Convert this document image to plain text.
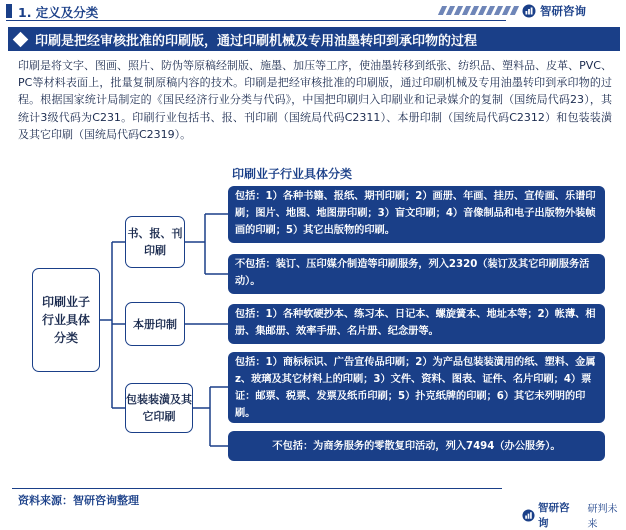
1. 定义及分类	智研咨询
印刷是把经审核批准的印刷版，通过印刷机械及专用油墨转印到承印物的过程
印刷是将文字、图画、照片、防伪等原稿经制版、施墨、加压等工序，使油墨转移到纸张、纺织品、塑料品、皮革、PVC、PC等材料表面上，批量复制原稿内容的技术。印刷是把经审核批准的印刷版，通过印刷机械及专用油墨转印到承印物的过程。根据国家统计局制定的《国民经济行业分类与代码》，中国把印刷归入印刷业和记录媒介的复制（国统局代码23），其统计3级代码为C231。印刷行业包括书、报、刊印刷（国统局代码C2311）、本册印制（国统局代码C2312）和包装装潢及其它印刷（国统局代码C2319）。
印刷业子行业具体分类
印刷业子行业具体分类
书、报、刊印刷
本册印制
包装装潢及其它印刷
包括：1）各种书籍、报纸、期刊印刷；2）画册、年画、挂历、宣传画、乐谱印刷；图片、地图、地图册印刷；3）盲文印刷；4）音像制品和电子出版物外装帧画的印刷；5）其它出版物的印刷。
不包括：装订、压印媒介制造等印刷服务，列入2320（装订及其它印刷服务活动）。
包括：1）各种软硬抄本、练习本、日记本、螺旋簧本、地址本等；2）帐薄、相册、集邮册、效率手册、名片册、纪念册等。
包括：1）商标标识、广告宣传品印刷；2）为产品包装装潢用的纸、塑料、金属z、玻璃及其它材料上的印刷；3）文件、资料、图表、证件、名片印刷；4）票证：邮票、税票、发票及纸币印刷；5）扑克纸牌的印刷；6）其它未列明的印刷。
不包括：为商务服务的零散复印活动，列入7494（办公服务）。
资料来源：智研咨询整理
智研咨询
研判未来
